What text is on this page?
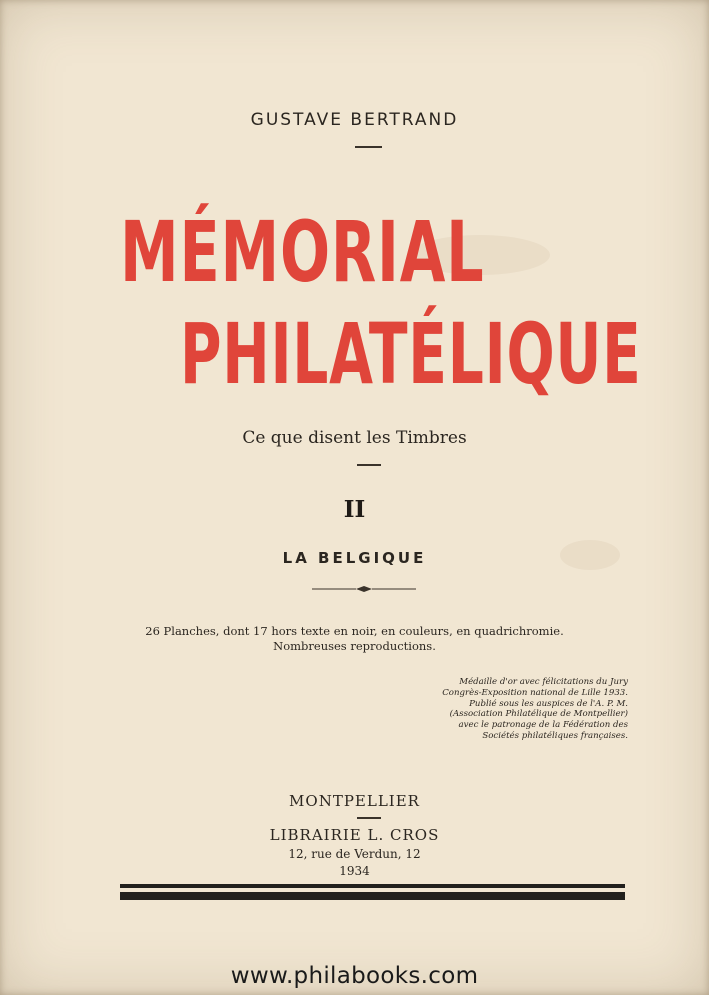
GUSTAVE BERTRAND
MÉMORIAL
PHILATÉLIQUE
Ce que disent les Timbres
II
LA BELGIQUE
26 Planches, dont 17 hors texte en noir, en couleurs, en quadrichromie.
Nombreuses reproductions.
Médaille d'or avec félicitations du Jury
Congrès-Exposition national de Lille 1933.
Publié sous les auspices de l'A. P. M.
(Association Philatélique de Montpellier)
avec le patronage de la Fédération des
Sociétés philatéliques françaises.
MONTPELLIER
LIBRAIRIE L. CROS
12, rue de Verdun, 12
1934
www.philabooks.com
